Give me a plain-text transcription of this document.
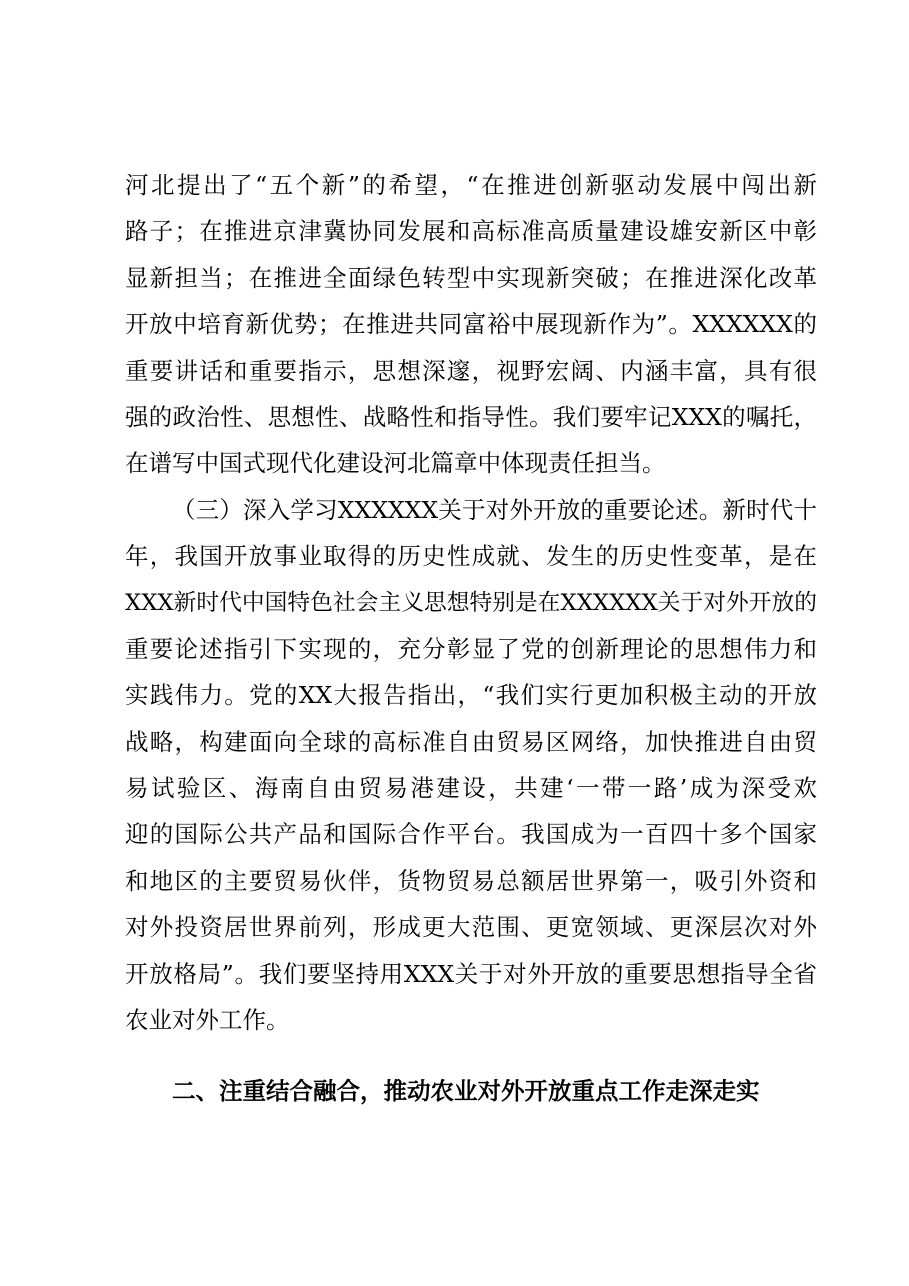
河北提出了“五个新”的希望，“在推进创新驱动发展中闯出新
路子；在推进京津冀协同发展和高标准高质量建设雄安新区中彰
显新担当；在推进全面绿色转型中实现新突破；在推进深化改革
开放中培育新优势；在推进共同富裕中展现新作为”。XXXXXX的
重要讲话和重要指示，思想深邃，视野宏阔、内涵丰富，具有很
强的政治性、思想性、战略性和指导性。我们要牢记XXX的嘱托，
在谱写中国式现代化建设河北篇章中体现责任担当。
（三）深入学习XXXXXX关于对外开放的重要论述。新时代十
年，我国开放事业取得的历史性成就、发生的历史性变革，是在
XXX新时代中国特色社会主义思想特别是在XXXXXX关于对外开放的
重要论述指引下实现的，充分彰显了党的创新理论的思想伟力和
实践伟力。党的XX大报告指出，“我们实行更加积极主动的开放
战略，构建面向全球的高标准自由贸易区网络，加快推进自由贸
易试验区、海南自由贸易港建设，共建‘一带一路’成为深受欢
迎的国际公共产品和国际合作平台。我国成为一百四十多个国家
和地区的主要贸易伙伴，货物贸易总额居世界第一，吸引外资和
对外投资居世界前列，形成更大范围、更宽领域、更深层次对外
开放格局”。我们要坚持用XXX关于对外开放的重要思想指导全省
农业对外工作。
二、注重结合融合，推动农业对外开放重点工作走深走实
